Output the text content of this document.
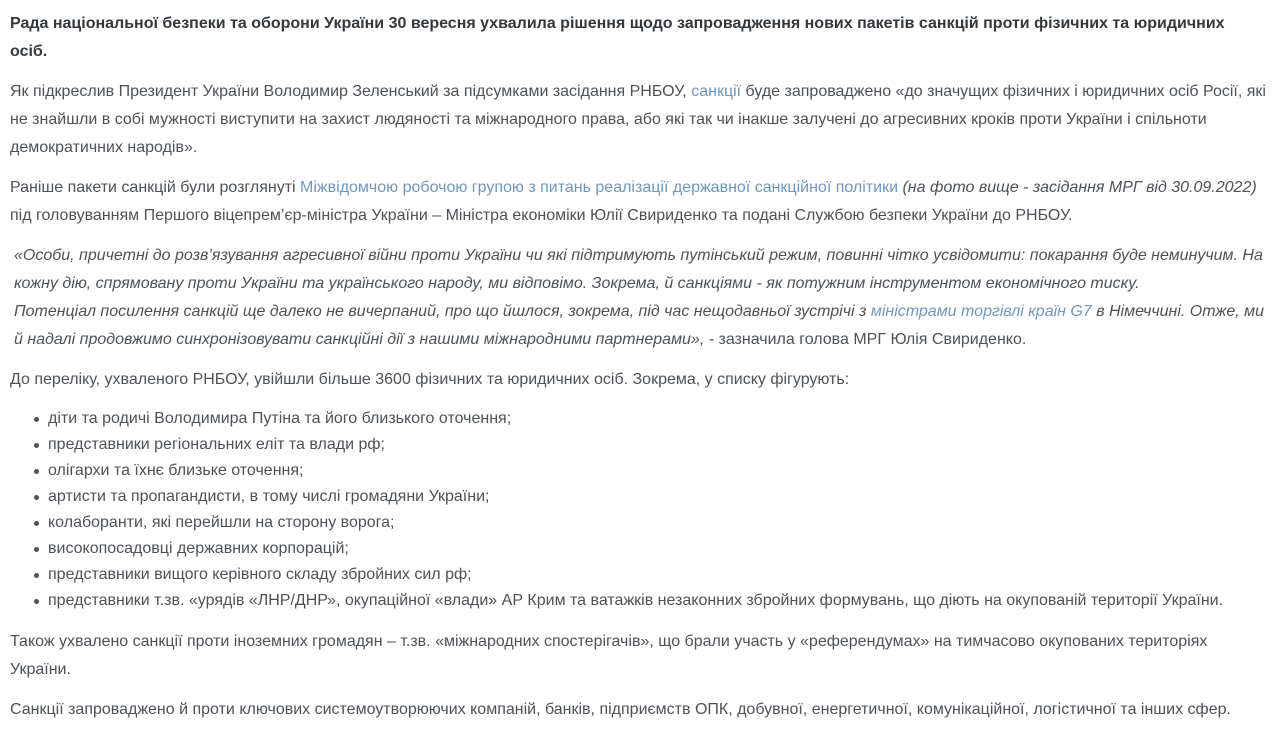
Рада національної безпеки та оборони України 30 вересня ухвалила рішення щодо запровадження нових пакетів санкцій проти фізичних та юридичних осіб.

Як підкреслив Президент України Володимир Зеленський за підсумками засідання РНБОУ, санкції буде запроваджено «до значущих фізичних і юридичних осіб Росії, які не знайшли в собі мужності виступити на захист людяності та міжнародного права, або які так чи інакше залучені до агресивних кроків проти України і спільноти демократичних народів».

Раніше пакети санкцій були розглянуті Міжвідомчою робочою групою з питань реалізації державної санкційної політики (на фото вище - засідання МРГ від 30.09.2022) під головуванням Першого віцепрем’єр-міністра України – Міністра економіки Юлії Свириденко та подані Службою безпеки України до РНБОУ.

«Особи, причетні до розв’язування агресивної війни проти України чи які підтримують путінський режим, повинні чітко усвідомити: покарання буде неминучим. На кожну дію, спрямовану проти України та українського народу, ми відповімо. Зокрема, й санкціями - як потужним інструментом економічного тиску.

Потенціал посилення санкцій ще далеко не вичерпаний, про що йшлося, зокрема, під час нещодавньої зустрічі з міністрами торгівлі країн G7 в Німеччині. Отже, ми й надалі продовжимо синхронізовувати санкційні дії з нашими міжнародними партнерами», - зазначила голова МРГ Юлія Свириденко.

До переліку, ухваленого РНБОУ, увійшли більше 3600 фізичних та юридичних осіб. Зокрема, у списку фігурують:

діти та родичі Володимира Путіна та його близького оточення;
представники регіональних еліт та влади рф;
олігархи та їхнє близьке оточення;
артисти та пропагандисти, в тому числі громадяни України;
колаборанти, які перейшли на сторону ворога;
високопосадовці державних корпорацій;
представники вищого керівного складу збройних сил рф;
представники т.зв. «урядів «ЛНР/ДНР», окупаційної «влади» АР Крим та ватажків незаконних збройних формувань, що діють на окупованій території України.

Також ухвалено санкції проти іноземних громадян – т.зв. «міжнародних спостерігачів», що брали участь у «референдумах» на тимчасово окупованих територіях України.

Санкції запроваджено й проти ключових системоутворюючих компаній, банків, підприємств ОПК, добувної, енергетичної, комунікаційної, логістичної та інших сфер.
